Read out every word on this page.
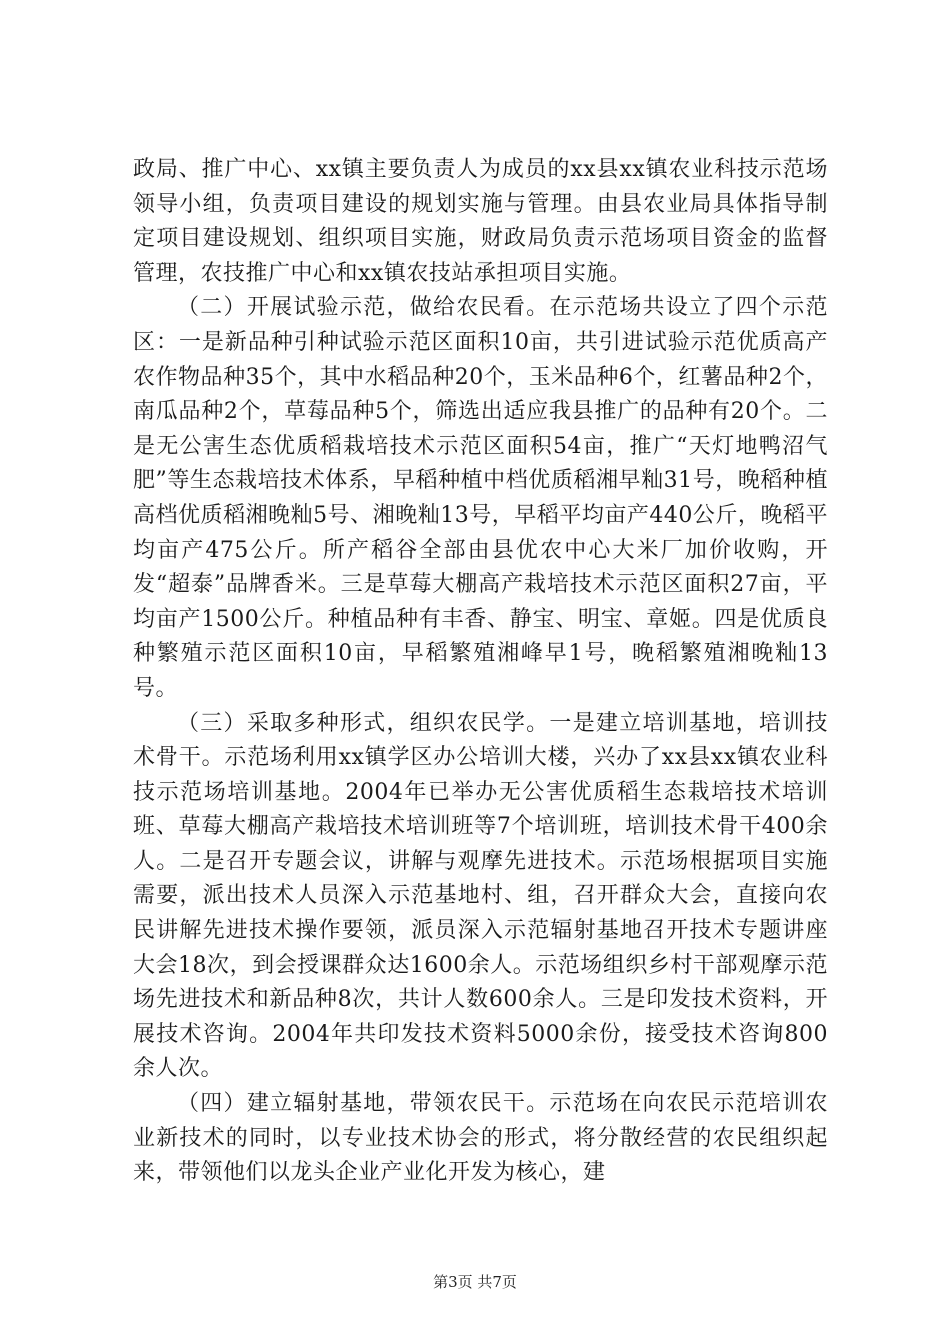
政局、推广中心、xx镇主要负责人为成员的xx县xx镇农业科技示范场领导小组，负责项目建设的规划实施与管理。由县农业局具体指导制定项目建设规划、组织项目实施，财政局负责示范场项目资金的监督管理，农技推广中心和xx镇农技站承担项目实施。

（二）开展试验示范，做给农民看。在示范场共设立了四个示范区：一是新品种引种试验示范区面积10亩，共引进试验示范优质高产农作物品种35个，其中水稻品种20个，玉米品种6个，红薯品种2个，南瓜品种2个，草莓品种5个，筛选出适应我县推广的品种有20个。二是无公害生态优质稻栽培技术示范区面积54亩，推广“天灯地鸭沼气肥”等生态栽培技术体系，早稻种植中档优质稻湘早籼31号，晚稻种植高档优质稻湘晚籼5号、湘晚籼13号，早稻平均亩产440公斤，晚稻平均亩产475公斤。所产稻谷全部由县优农中心大米厂加价收购，开发“超泰”品牌香米。三是草莓大棚高产栽培技术示范区面积27亩，平均亩产1500公斤。种植品种有丰香、静宝、明宝、章姬。四是优质良种繁殖示范区面积10亩，早稻繁殖湘峰早1号，晚稻繁殖湘晚籼13号。

（三）采取多种形式，组织农民学。一是建立培训基地，培训技术骨干。示范场利用xx镇学区办公培训大楼，兴办了xx县xx镇农业科技示范场培训基地。2004年已举办无公害优质稻生态栽培技术培训班、草莓大棚高产栽培技术培训班等7个培训班，培训技术骨干400余人。二是召开专题会议，讲解与观摩先进技术。示范场根据项目实施需要，派出技术人员深入示范基地村、组，召开群众大会，直接向农民讲解先进技术操作要领，派员深入示范辐射基地召开技术专题讲座大会18次，到会授课群众达1600余人。示范场组织乡村干部观摩示范场先进技术和新品种8次，共计人数600余人。三是印发技术资料，开展技术咨询。2004年共印发技术资料5000余份，接受技术咨询800余人次。

（四）建立辐射基地，带领农民干。示范场在向农民示范培训农业新技术的同时，以专业技术协会的形式，将分散经营的农民组织起来，带领他们以龙头企业产业化开发为核心，建

第3页 共7页
